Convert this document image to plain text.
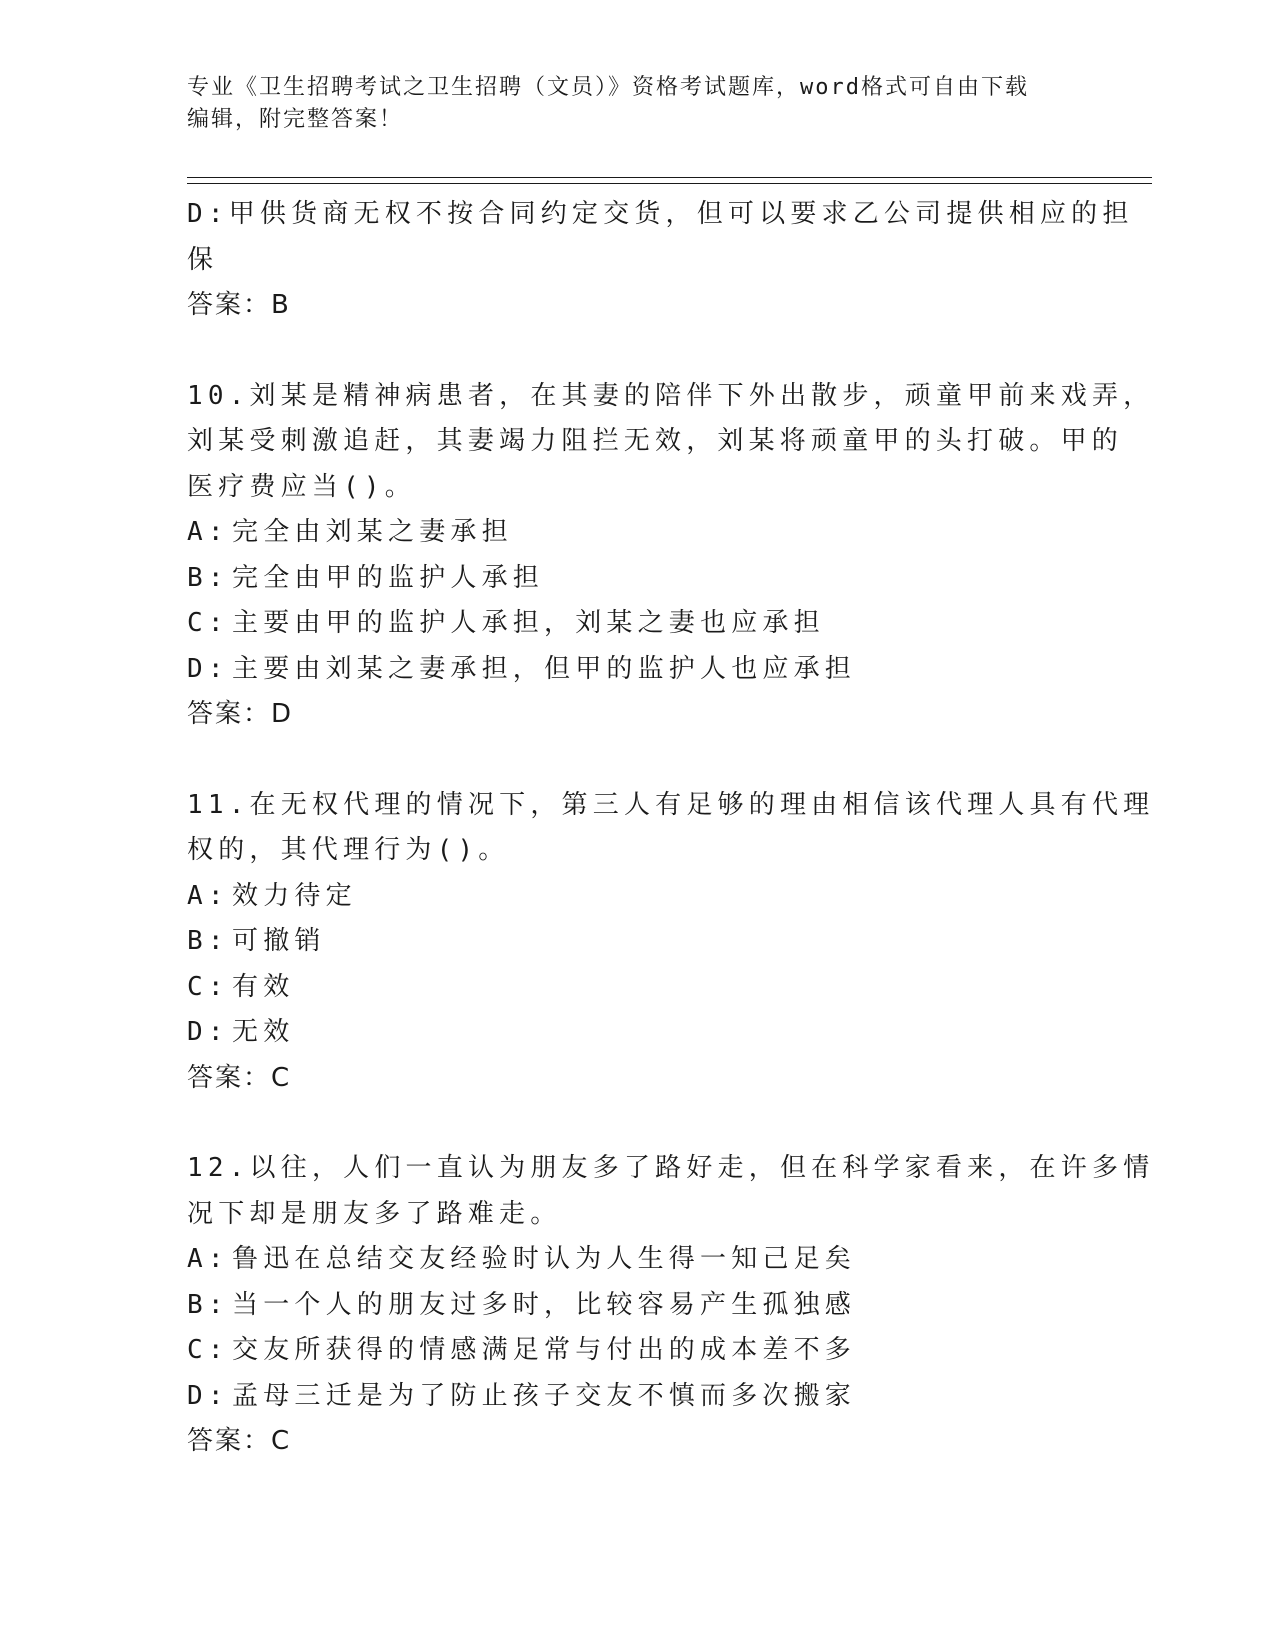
专业《卫生招聘考试之卫生招聘（文员）》资格考试题库，word格式可自由下载
编辑，附完整答案！
D: 甲供货商无权不按合同约定交货，但可以要求乙公司提供相应的担
保
答案：B
10.刘某是精神病患者，在其妻的陪伴下外出散步，顽童甲前来戏弄，
刘某受刺激追赶，其妻竭力阻拦无效，刘某将顽童甲的头打破。甲的
医疗费应当()。
A: 完全由刘某之妻承担
B: 完全由甲的监护人承担
C: 主要由甲的监护人承担，刘某之妻也应承担
D: 主要由刘某之妻承担，但甲的监护人也应承担
答案：D
11.在无权代理的情况下，第三人有足够的理由相信该代理人具有代理
权的，其代理行为()。
A: 效力待定
B: 可撤销
C: 有效
D: 无效
答案：C
12.以往，人们一直认为朋友多了路好走，但在科学家看来，在许多情
况下却是朋友多了路难走。
A: 鲁迅在总结交友经验时认为人生得一知己足矣
B: 当一个人的朋友过多时，比较容易产生孤独感
C: 交友所获得的情感满足常与付出的成本差不多
D: 孟母三迁是为了防止孩子交友不慎而多次搬家
答案：C
